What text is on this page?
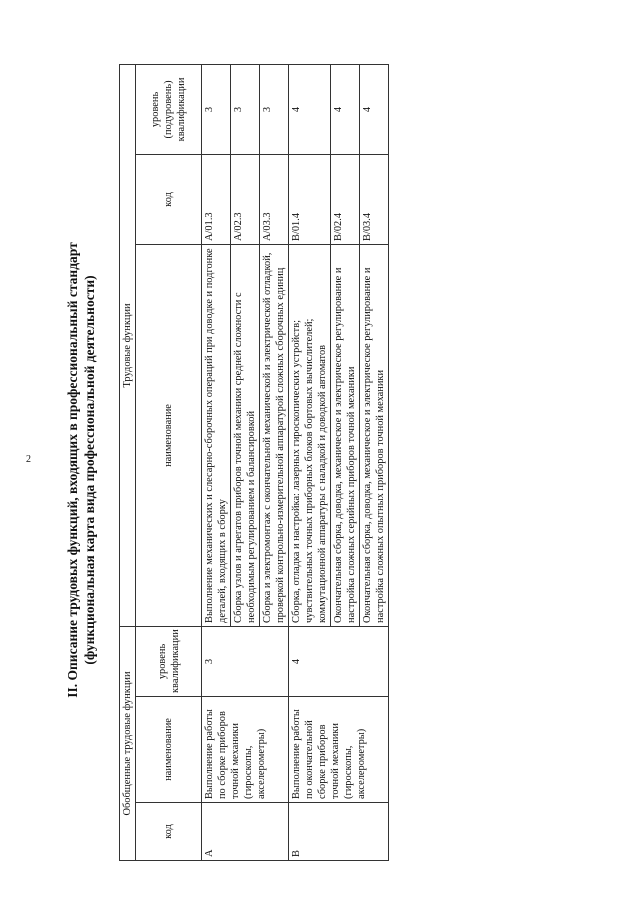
2	II. Описание трудовых функций, входящих в профессиональный стандарт (функциональная карта вида профессиональной деятельности)
Обобщенные трудовые функции			Трудовые функции		
код	наименование	уровень квалификации	наименование	код	уровень (подуровень) квалификации
A	Выполнение работы по сборке приборов точной механики (гироскопы, акселерометры)	3	Выполнение механических и слесарно-сборочных операций при доводке и подгонке деталей, входящих в сборку	A/01.3	3
			Сборка узлов и агрегатов приборов точной механики средней сложности с необходимым регулированием и балансировкой	A/02.3	3
			Сборка и электромонтаж с окончательной механической и электрической отладкой, проверкой контрольно-измерительной аппаратурой сложных сборочных единиц	A/03.3	3
B	Выполнение работы по окончательной сборке приборов точной механики (гироскопы, акселерометры)	4	Сборка, отладка и настройка: лазерных гироскопических устройств; чувствительных точных приборных блоков бортовых вычислителей; коммутационной аппаратуры с наладкой и доводкой автоматов	B/01.4	4
			Окончательная сборка, доводка, механическое и электрическое регулирование и настройка сложных серийных приборов точной механики	B/02.4	4
			Окончательная сборка, доводка, механическое и электрическое регулирование и настройка сложных опытных приборов точной механики	B/03.4	4
